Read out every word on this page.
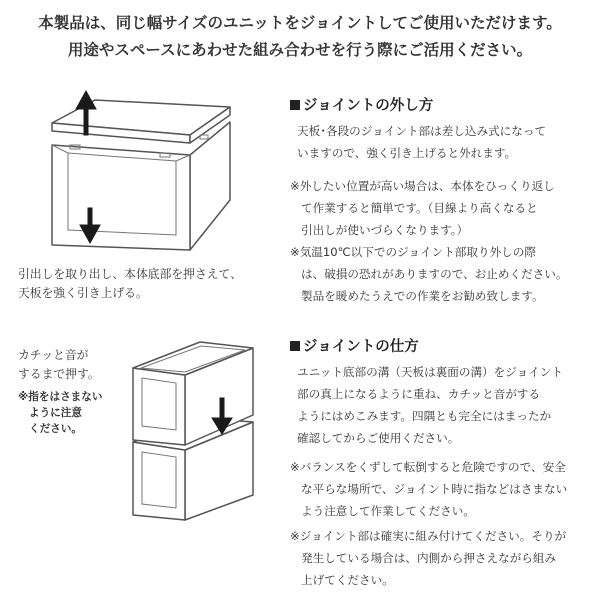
本製品は、同じ幅サイズのユニットをジョイントしてご使用いただけます。
用途やスペースにあわせた組み合わせを行う際にご活用ください。
引出しを取り出し、本体底部を押さえて、
天板を強く引き上げる。
ジョイントの外し方
天板･各段のジョイント部は差し込み式になって
いますので、強く引き上げると外れます。
※外したい位置が高い場合は、本体をひっくり返し
て作業すると簡単です。（目線より高くなると
引出しが使いづらくなります。）
※気温10℃以下でのジョイント部取り外しの際
は、破損の恐れがありますので、お止めください。
製品を暖めたうえでの作業をお勧め致します。
カチッと音が
するまで押す。
※指をはさまない
ように注意
ください。
ジョイントの仕方
ユニット底部の溝（天板は裏面の溝）をジョイント
部の真上になるように重ね、カチッと音がする
ようにはめこみます。四隅とも完全にはまったか
確認してからご使用ください。
※バランスをくずして転倒すると危険ですので、安全
な平らな場所で、ジョイント時に指などはさまない
よう注意して作業してください。
※ジョイント部は確実に組み付けてください。そりが
発生している場合は、内側から押さえながら組み
上げてください。
